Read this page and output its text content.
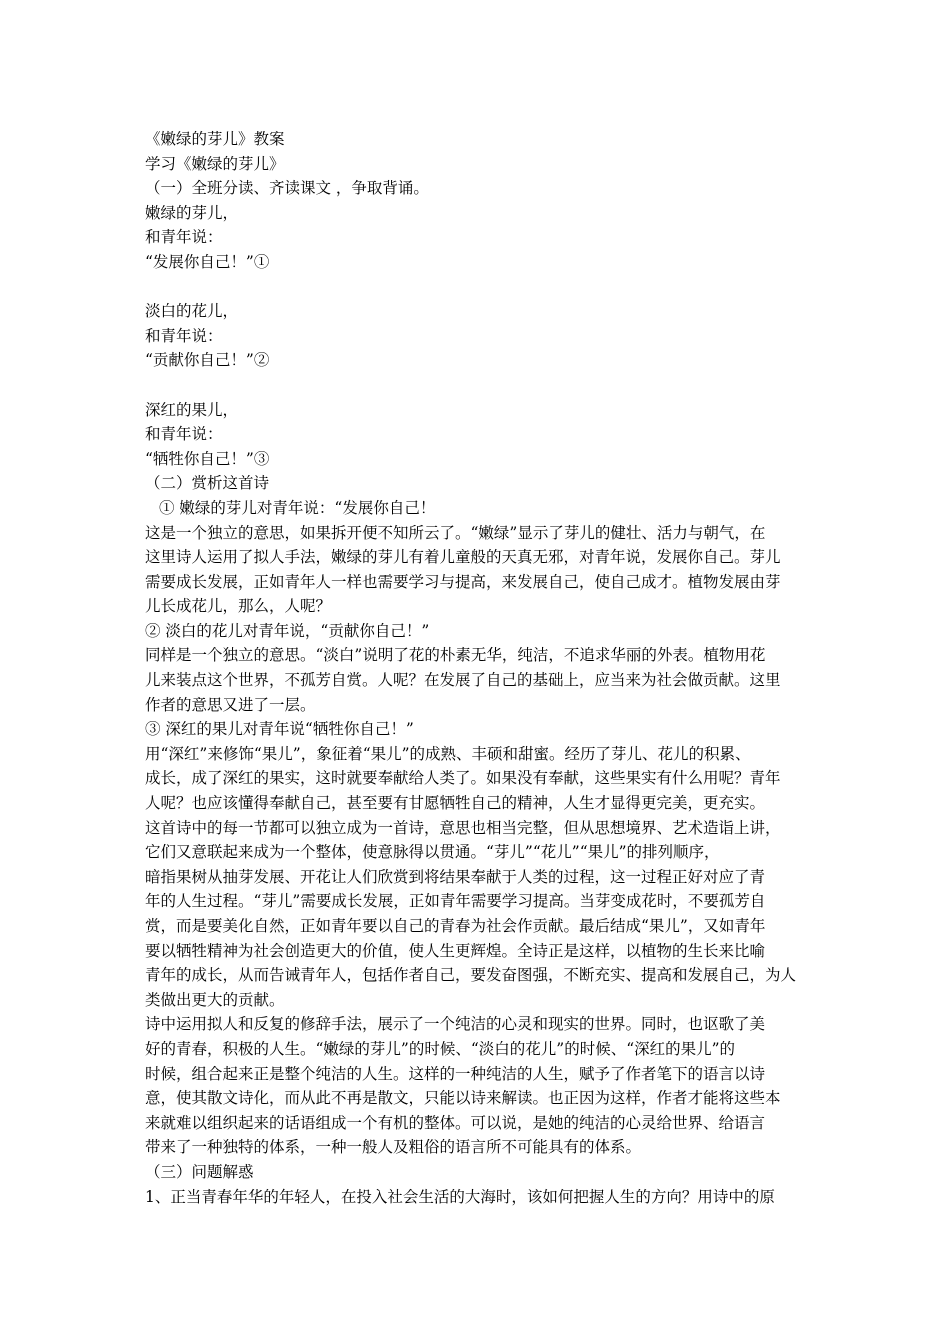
《嫩绿的芽儿》教案
学习《嫩绿的芽儿》
（一）全班分读、齐读课文 ，争取背诵。
嫩绿的芽儿，
和青年说：
“发展你自己！”①
淡白的花儿，
和青年说：
“贡献你自己！”②
深红的果儿，
和青年说：
“牺牲你自己！”③
（二）赏析这首诗
① 嫩绿的芽儿对青年说：“发展你自己！
这是一个独立的意思，如果拆开便不知所云了。“嫩绿”显示了芽儿的健壮、活力与朝气，在
这里诗人运用了拟人手法，嫩绿的芽儿有着儿童般的天真无邪，对青年说，发展你自己。芽儿
需要成长发展，正如青年人一样也需要学习与提高，来发展自己，使自己成才。植物发展由芽
儿长成花儿，那么，人呢？
② 淡白的花儿对青年说，“贡献你自己！”
同样是一个独立的意思。“淡白”说明了花的朴素无华，纯洁，不追求华丽的外表。植物用花
儿来装点这个世界，不孤芳自赏。人呢？在发展了自己的基础上，应当来为社会做贡献。这里
作者的意思又进了一层。
③ 深红的果儿对青年说“牺牲你自己！”
用“深红”来修饰“果儿”，象征着“果儿”的成熟、丰硕和甜蜜。经历了芽儿、花儿的积累、
成长，成了深红的果实，这时就要奉献给人类了。如果没有奉献，这些果实有什么用呢？青年
人呢？也应该懂得奉献自己，甚至要有甘愿牺牲自己的精神，人生才显得更完美，更充实。
这首诗中的每一节都可以独立成为一首诗，意思也相当完整，但从思想境界、艺术造诣上讲，
它们又意联起来成为一个整体，使意脉得以贯通。“芽儿”“花儿”“果儿”的排列顺序，
暗指果树从抽芽发展、开花让人们欣赏到将结果奉献于人类的过程，这一过程正好对应了青
年的人生过程。“芽儿”需要成长发展，正如青年需要学习提高。当芽变成花时，不要孤芳自
赏，而是要美化自然，正如青年要以自己的青春为社会作贡献。最后结成“果儿”，又如青年
要以牺牲精神为社会创造更大的价值，使人生更辉煌。全诗正是这样，以植物的生长来比喻
青年的成长，从而告诫青年人，包括作者自己，要发奋图强，不断充实、提高和发展自己，为人
类做出更大的贡献。
诗中运用拟人和反复的修辞手法，展示了一个纯洁的心灵和现实的世界。同时，也讴歌了美
好的青春，积极的人生。“嫩绿的芽儿”的时候、“淡白的花儿”的时候、“深红的果儿”的
时候，组合起来正是整个纯洁的人生。这样的一种纯洁的人生，赋予了作者笔下的语言以诗
意，使其散文诗化，而从此不再是散文，只能以诗来解读。也正因为这样，作者才能将这些本
来就难以组织起来的话语组成一个有机的整体。可以说，是她的纯洁的心灵给世界、给语言
带来了一种独特的体系，一种一般人及粗俗的语言所不可能具有的体系。
（三）问题解惑
1、正当青春年华的年轻人，在投入社会生活的大海时，该如何把握人生的方向？用诗中的原
